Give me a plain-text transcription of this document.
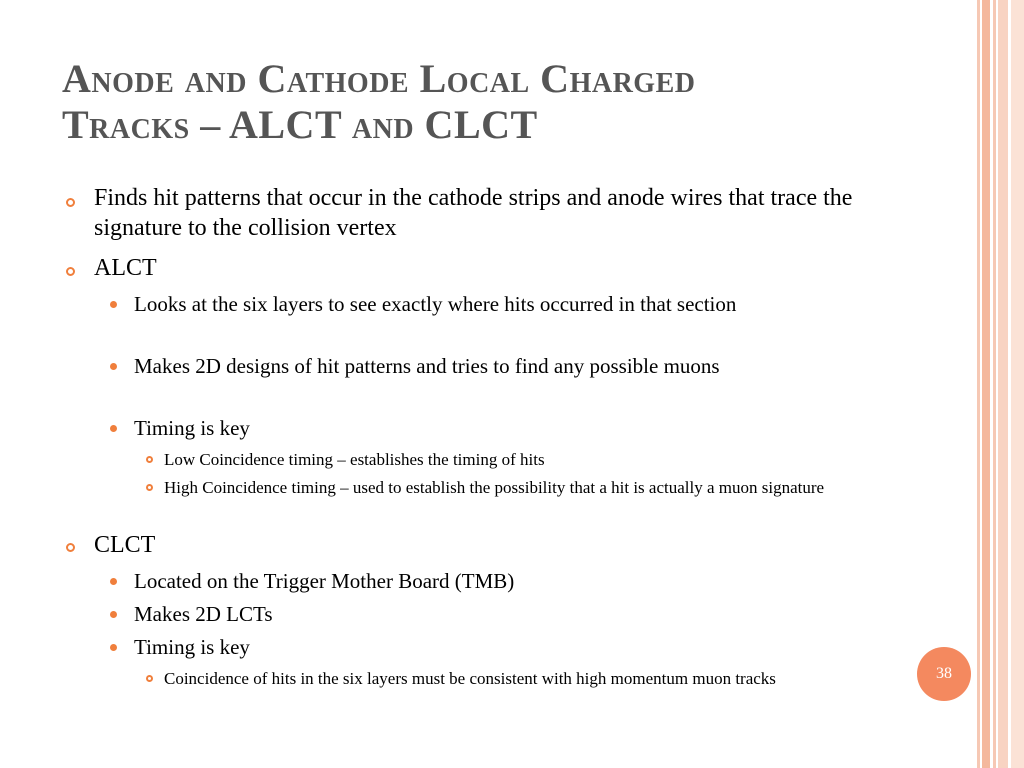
Anode and Cathode Local Charged
Tracks – ALCT and CLCT
Finds hit patterns that occur in the cathode strips and anode wires that trace the signature to the collision vertex
ALCT
Looks at the six layers to see exactly where hits occurred in that section
Makes 2D designs of hit patterns and tries to find any possible muons
Timing is key
Low Coincidence timing – establishes the timing of hits
High Coincidence timing – used to establish the possibility that a hit is actually a muon signature
CLCT
Located on the Trigger Mother Board (TMB)
Makes 2D LCTs
Timing is key
Coincidence of hits in the six layers must be consistent with high momentum muon tracks	38
